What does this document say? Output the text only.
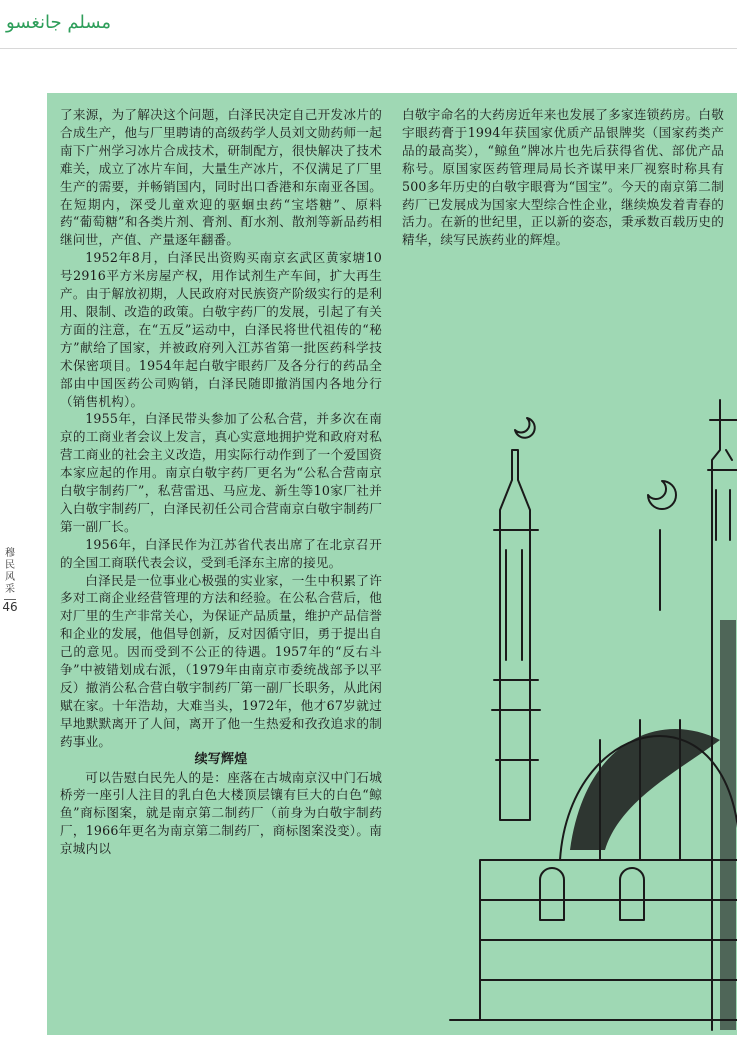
مسلم جانغسو
穆
民
风
采
46

了来源，为了解决这个问题，白泽民决定自己开发冰片的合成生产，他与厂里聘请的高级药学人员刘文勋药师一起南下广州学习冰片合成技术，研制配方，很快解决了技术难关，成立了冰片车间，大量生产冰片，不仅满足了厂里生产的需要，并畅销国内，同时出口香港和东南亚各国。在短期内，深受儿童欢迎的驱蛔虫药“宝塔糖”、原料药“葡萄糖”和各类片剂、膏剂、酊水剂、散剂等新品药相继问世，产值、产量逐年翻番。

1952年8月，白泽民出资购买南京玄武区黄家塘10号2916平方米房屋产权，用作试剂生产车间，扩大再生产。由于解放初期，人民政府对民族资产阶级实行的是利用、限制、改造的政策。白敬宇药厂的发展，引起了有关方面的注意，在“五反”运动中，白泽民将世代祖传的“秘方”献给了国家，并被政府列入江苏省第一批医药科学技术保密项目。1954年起白敬宇眼药厂及各分行的药品全部由中国医药公司购销，白泽民随即撤消国内各地分行（销售机构）。

1955年，白泽民带头参加了公私合营，并多次在南京的工商业者会议上发言，真心实意地拥护党和政府对私营工商业的社会主义改造，用实际行动作到了一个爱国资本家应起的作用。南京白敬宇药厂更名为“公私合营南京白敬宇制药厂”，私营雷迅、马应龙、新生等10家厂社并入白敬宇制药厂，白泽民初任公司合营南京白敬宇制药厂第一副厂长。

1956年，白泽民作为江苏省代表出席了在北京召开的全国工商联代表会议，受到毛泽东主席的接见。

白泽民是一位事业心极强的实业家，一生中积累了许多对工商企业经营管理的方法和经验。在公私合营后，他对厂里的生产非常关心，为保证产品质量，维护产品信誉和企业的发展，他倡导创新，反对因循守旧，勇于提出自己的意见。因而受到不公正的待遇。1957年的“反右斗争”中被错划成右派，（1979年由南京市委统战部予以平反）撤消公私合营白敬宇制药厂第一副厂长职务，从此闲赋在家。十年浩劫，大难当头，1972年，他才67岁就过早地默默离开了人间，离开了他一生热爱和孜孜追求的制药事业。

续写辉煌

可以告慰白民先人的是：座落在古城南京汉中门石城桥旁一座引人注目的乳白色大楼顶层镶有巨大的白色“鲸鱼”商标图案，就是南京第二制药厂（前身为白敬宇制药厂，1966年更名为南京第二制药厂，商标图案没变）。南京城内以

白敬宇命名的大药房近年来也发展了多家连锁药房。白敬宇眼药膏于1994年获国家优质产品银牌奖（国家药类产品的最高奖），“鲸鱼”牌冰片也先后获得省优、部优产品称号。原国家医药管理局局长齐谋甲来厂视察时称具有500多年历史的白敬宇眼膏为“国宝”。今天的南京第二制药厂已发展成为国家大型综合性企业，继续焕发着青春的活力。在新的世纪里，正以新的姿态，秉承数百载历史的精华，续写民族药业的辉煌。
